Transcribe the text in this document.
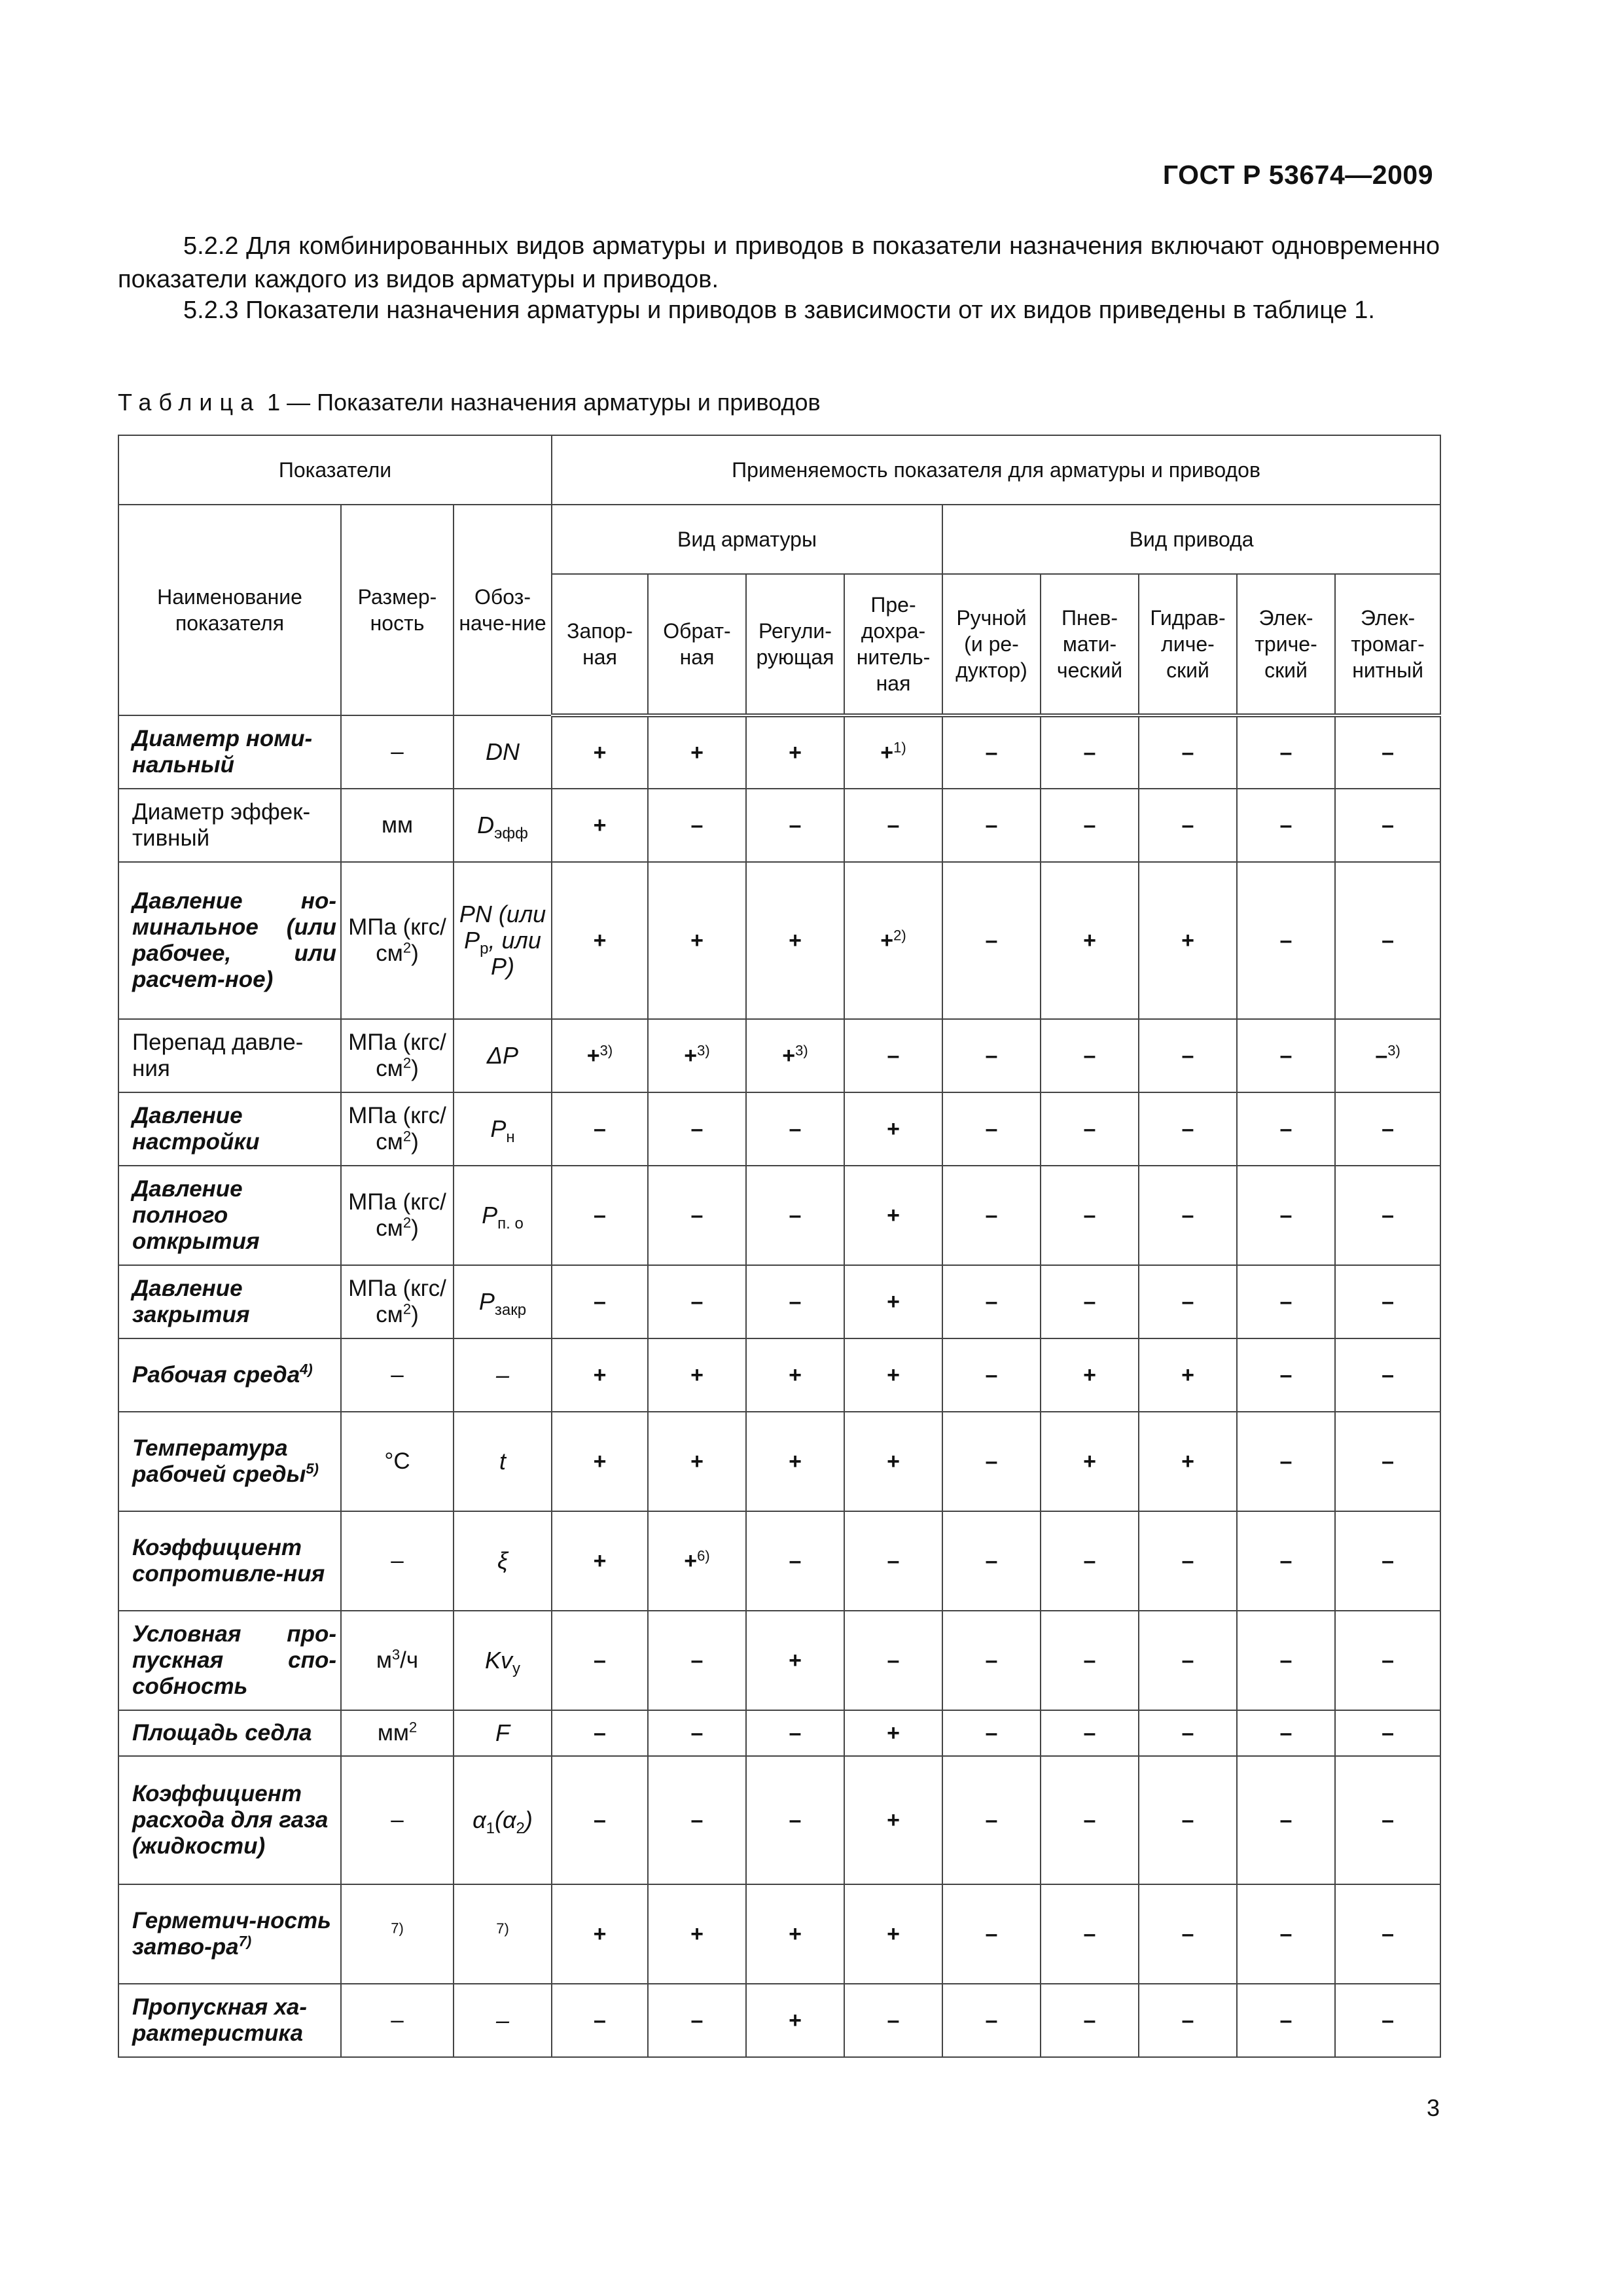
ГОСТ Р 53674—2009

5.2.2 Для комбинированных видов арматуры и приводов в показатели назначения включают одновременно показатели каждого из видов арматуры и приводов.

5.2.3 Показатели назначения арматуры и приводов в зависимости от их видов приведены в таблице 1.

Таблица 1 — Показатели назначения арматуры и приводов

Показатели			Применяемость показателя для арматуры и приводов								
Наименование показателя	Размер-ность	Обоз-наче-ние	Вид арматуры				Вид привода				
			Запор-ная	Обрат-ная	Регули-рующая	Пре-дохра-нитель-ная	Ручной (и ре-дуктор)	Пнев-мати-ческий	Гидрав-личе-ский	Элек-триче-ский	Элек-тромаг-нитный
Диаметр номи-нальный	–	DN	+	+	+	+$^{1)}$	–	–	–	–	–
Диаметр эффек-тивный	мм	$D_{эфф}$	+	–	–	–	–	–	–	–	–
Давление но-минальное (или рабочее, или расчет-ное)	МПа $(кгс/см^2)$	PN (или $P_р$, или P)	+	+	+	+$^{2)}$	–	+	+	–	–
Перепад давле-ния	МПа $(кгс/см^2)$	ΔP	+$^{3)}$	+$^{3)}$	+$^{3)}$	–	–	–	–	–	–$^{3)}$
Давление настройки	МПа $(кгс/см^2)$	$P_н$	–	–	–	+	–	–	–	–	–
Давление полного открытия	МПа $(кгс/см^2)$	$P_{п. о}$	–	–	–	+	–	–	–	–	–
Давление закрытия	МПа $(кгс/см^2)$	$P_{закр}$	–	–	–	+	–	–	–	–	–
Рабочая среда$^{4)}$	–	–	+	+	+	+	–	+	+	–	–
Температура рабочей среды$^{5)}$	°С	t	+	+	+	+	–	+	+	–	–
Коэффициент сопротивле-ния	–	ξ	+	+$^{6)}$	–	–	–	–	–	–	–
Условная про-пускная спо-собность	$м^3/ч$	$Kv_y$	–	–	+	–	–	–	–	–	–
Площадь седла	$мм^2$	F	–	–	–	+	–	–	–	–	–
Коэффициент расхода для газа (жидкости)	–	$\alpha_1(\alpha_2)$	–	–	–	+	–	–	–	–	–
Герметич-ность затво-$ра^{7)}$	$^{7)}$	$^{7)}$	+	+	+	+	–	–	–	–	–
Пропускная ха-рактеристика	–	–	–	–	+	–	–	–	–	–	–
3
